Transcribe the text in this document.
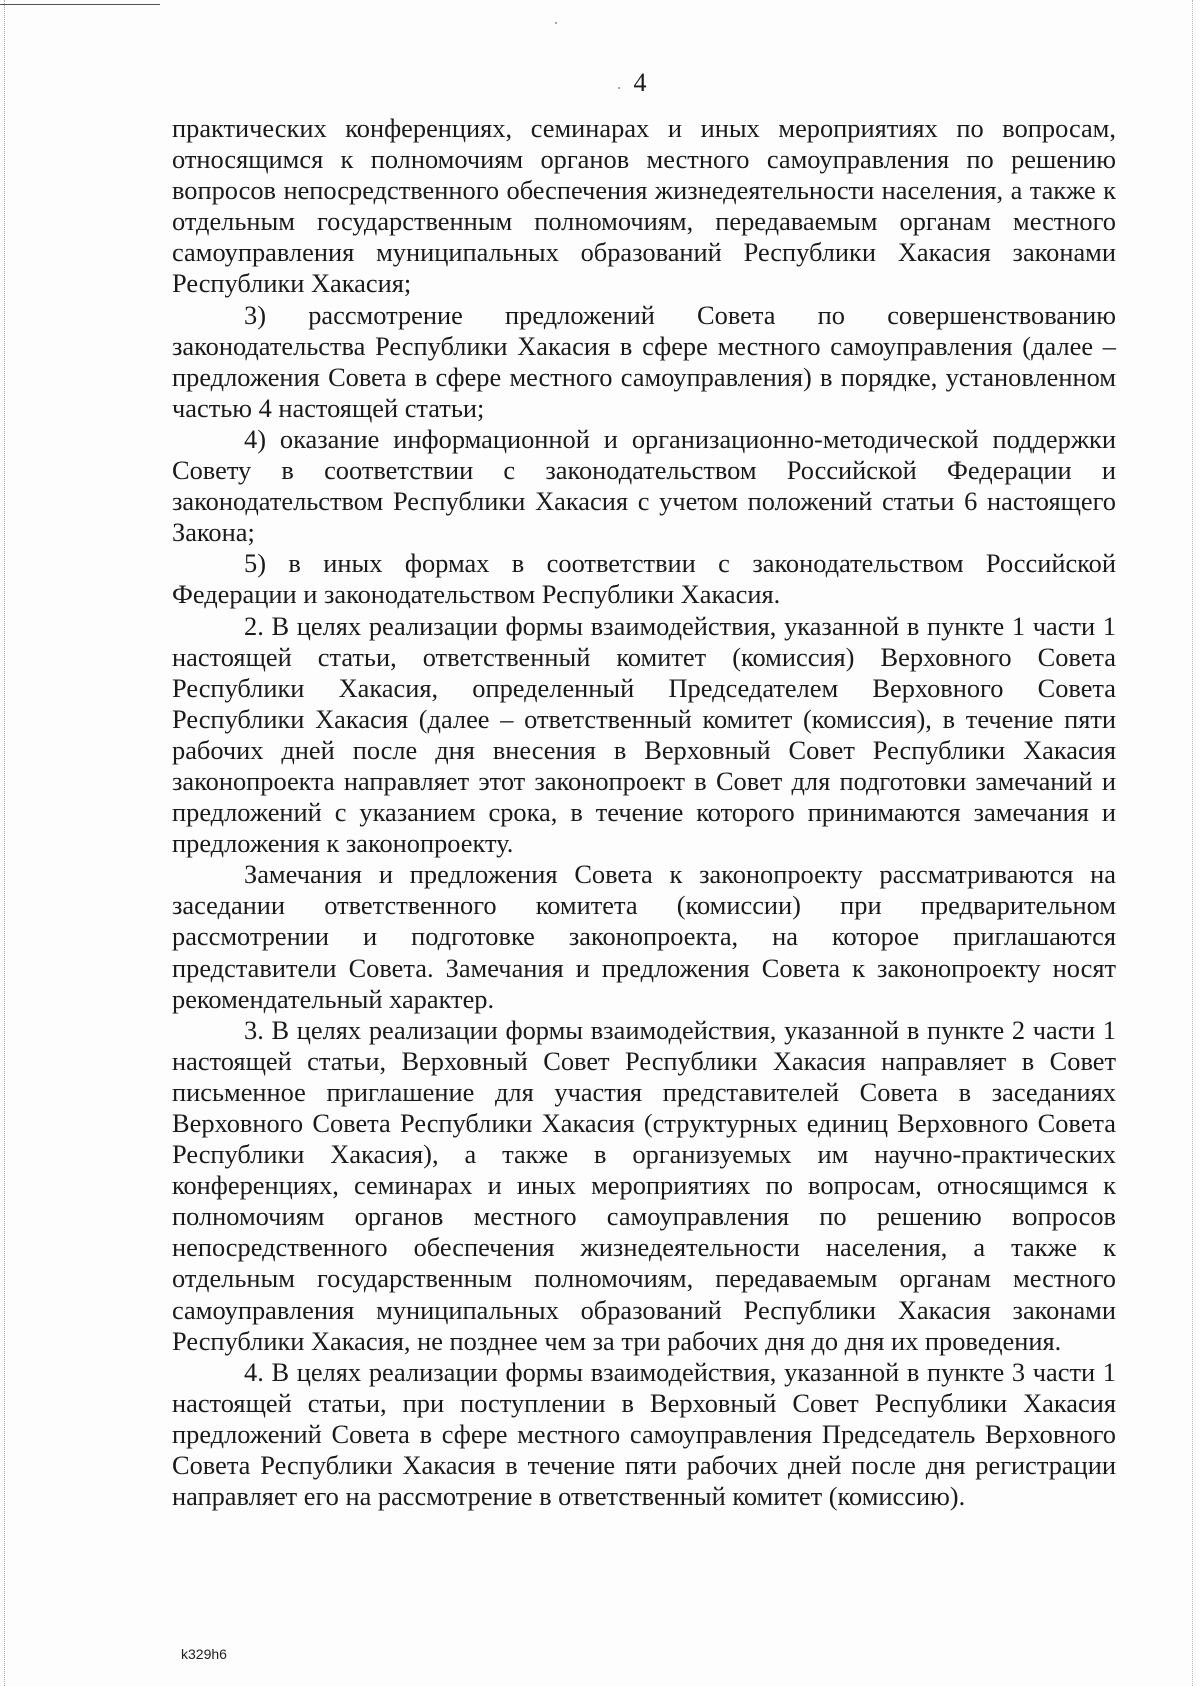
4

практических конференциях, семинарах и иных мероприятиях по вопросам, относящимся к полномочиям органов местного самоуправления по решению вопросов непосредственного обеспечения жизнедеятельности населения, а также к отдельным государственным полномочиям, передаваемым органам местного самоуправления муниципальных образований Республики Хакасия законами Республики Хакасия;

3) рассмотрение предложений Совета по совершенствованию законодательства Республики Хакасия в сфере местного самоуправления (далее – предложения Совета в сфере местного самоуправления) в порядке, установленном частью 4 настоящей статьи;

4) оказание информационной и организационно-методической поддержки Совету в соответствии с законодательством Российской Федерации и законодательством Республики Хакасия с учетом положений статьи 6 настоящего Закона;

5) в иных формах в соответствии с законодательством Российской Федерации и законодательством Республики Хакасия.

2. В целях реализации формы взаимодействия, указанной в пункте 1 части 1 настоящей статьи, ответственный комитет (комиссия) Верховного Совета Республики Хакасия, определенный Председателем Верховного Совета Республики Хакасия (далее – ответственный комитет (комиссия), в течение пяти рабочих дней после дня внесения в Верховный Совет Республики Хакасия законопроекта направляет этот законопроект в Совет для подготовки замечаний и предложений с указанием срока, в течение которого принимаются замечания и предложения к законопроекту.

Замечания и предложения Совета к законопроекту рассматриваются на заседании ответственного комитета (комиссии) при предварительном рассмотрении и подготовке законопроекта, на которое приглашаются представители Совета. Замечания и предложения Совета к законопроекту носят рекомендательный характер.

3. В целях реализации формы взаимодействия, указанной в пункте 2 части 1 настоящей статьи, Верховный Совет Республики Хакасия направляет в Совет письменное приглашение для участия представителей Совета в заседаниях Верховного Совета Республики Хакасия (структурных единиц Верховного Совета Республики Хакасия), а также в организуемых им научно-практических конференциях, семинарах и иных мероприятиях по вопросам, относящимся к полномочиям органов местного самоуправления по решению вопросов непосредственного обеспечения жизнедеятельности населения, а также к отдельным государственным полномочиям, передаваемым органам местного самоуправления муниципальных образований Республики Хакасия законами Республики Хакасия, не позднее чем за три рабочих дня до дня их проведения.

4. В целях реализации формы взаимодействия, указанной в пункте 3 части 1 настоящей статьи, при поступлении в Верховный Совет Республики Хакасия предложений Совета в сфере местного самоуправления Председатель Верховного Совета Республики Хакасия в течение пяти рабочих дней после дня регистрации направляет его на рассмотрение в ответственный комитет (комиссию).

k329h6
